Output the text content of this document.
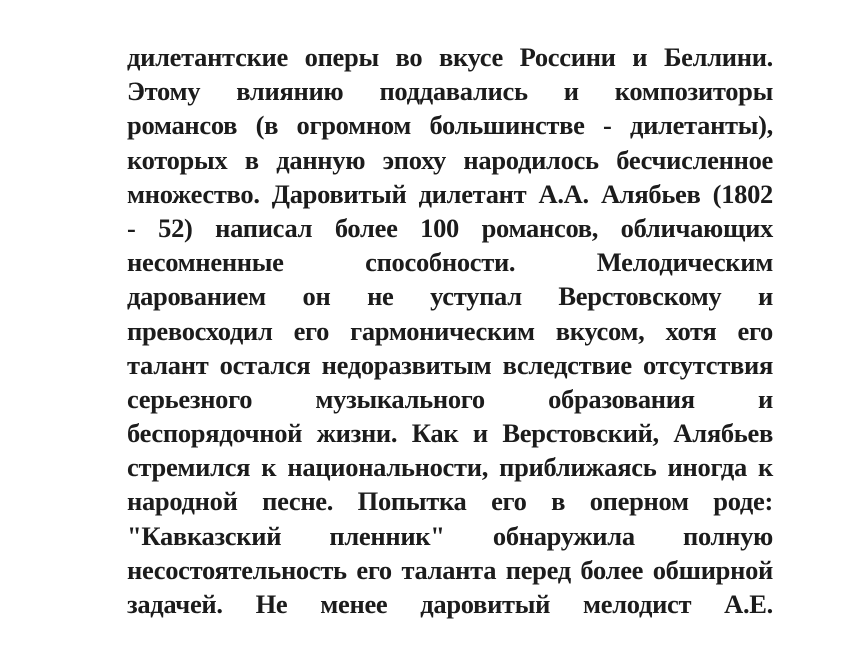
дилетантские оперы во вкусе Россини и Беллини.
Этому влиянию поддавались и композиторы
романсов (в огромном большинстве - дилетанты),
которых в данную эпоху народилось бесчисленное
множество. Даровитый дилетант А.А. Алябьев (1802
- 52) написал более 100 романсов, обличающих
несомненные способности. Мелодическим
дарованием он не уступал Верстовскому и
превосходил его гармоническим вкусом, хотя его
талант остался недоразвитым вследствие отсутствия
серьезного музыкального образования и
беспорядочной жизни. Как и Верстовский, Алябьев
стремился к национальности, приближаясь иногда к
народной песне. Попытка его в оперном роде:
"Кавказский пленник" обнаружила полную
несостоятельность его таланта перед более обширной
задачей. Не менее даровитый мелодист А.Е.
